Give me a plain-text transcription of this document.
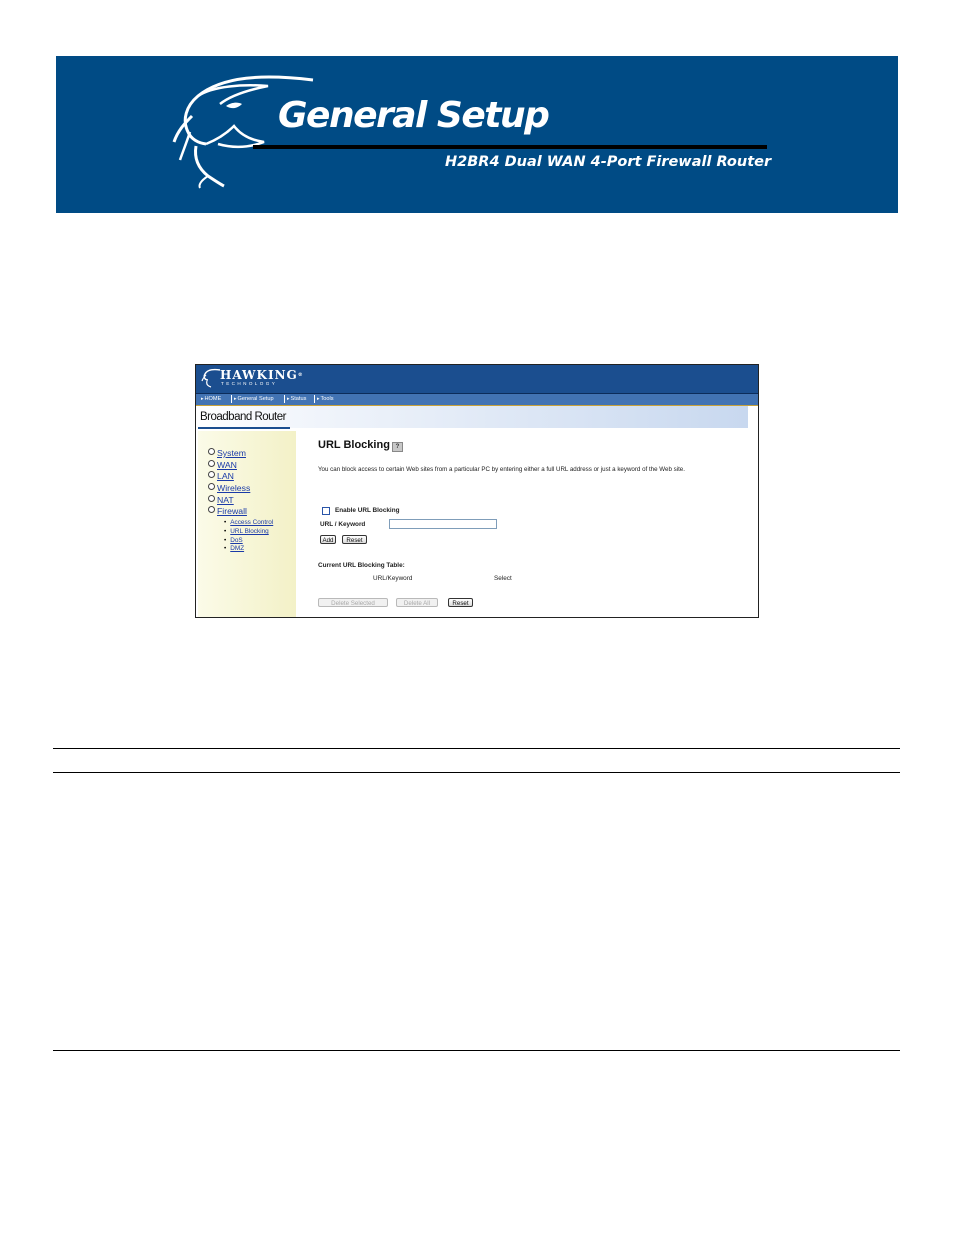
General Setup
H2BR4 Dual WAN 4-Port Firewall Router
HAWKING®
TECHNOLOGY
▸ HOME	▸ General Setup	▸ Status	▸ Tools
Broadband Router
System
WAN
LAN
Wireless
NAT
Firewall
• Access Control
• URL Blocking
• DoS
• DMZ
URL Blocking ?
You can block access to certain Web sites from a particular PC by entering either a full URL address or just a keyword of the Web site.
Enable URL Blocking
URL / Keyword
Add	Reset
Current URL Blocking Table:
URL/Keyword	Select
Delete Selected	Delete All	Reset
